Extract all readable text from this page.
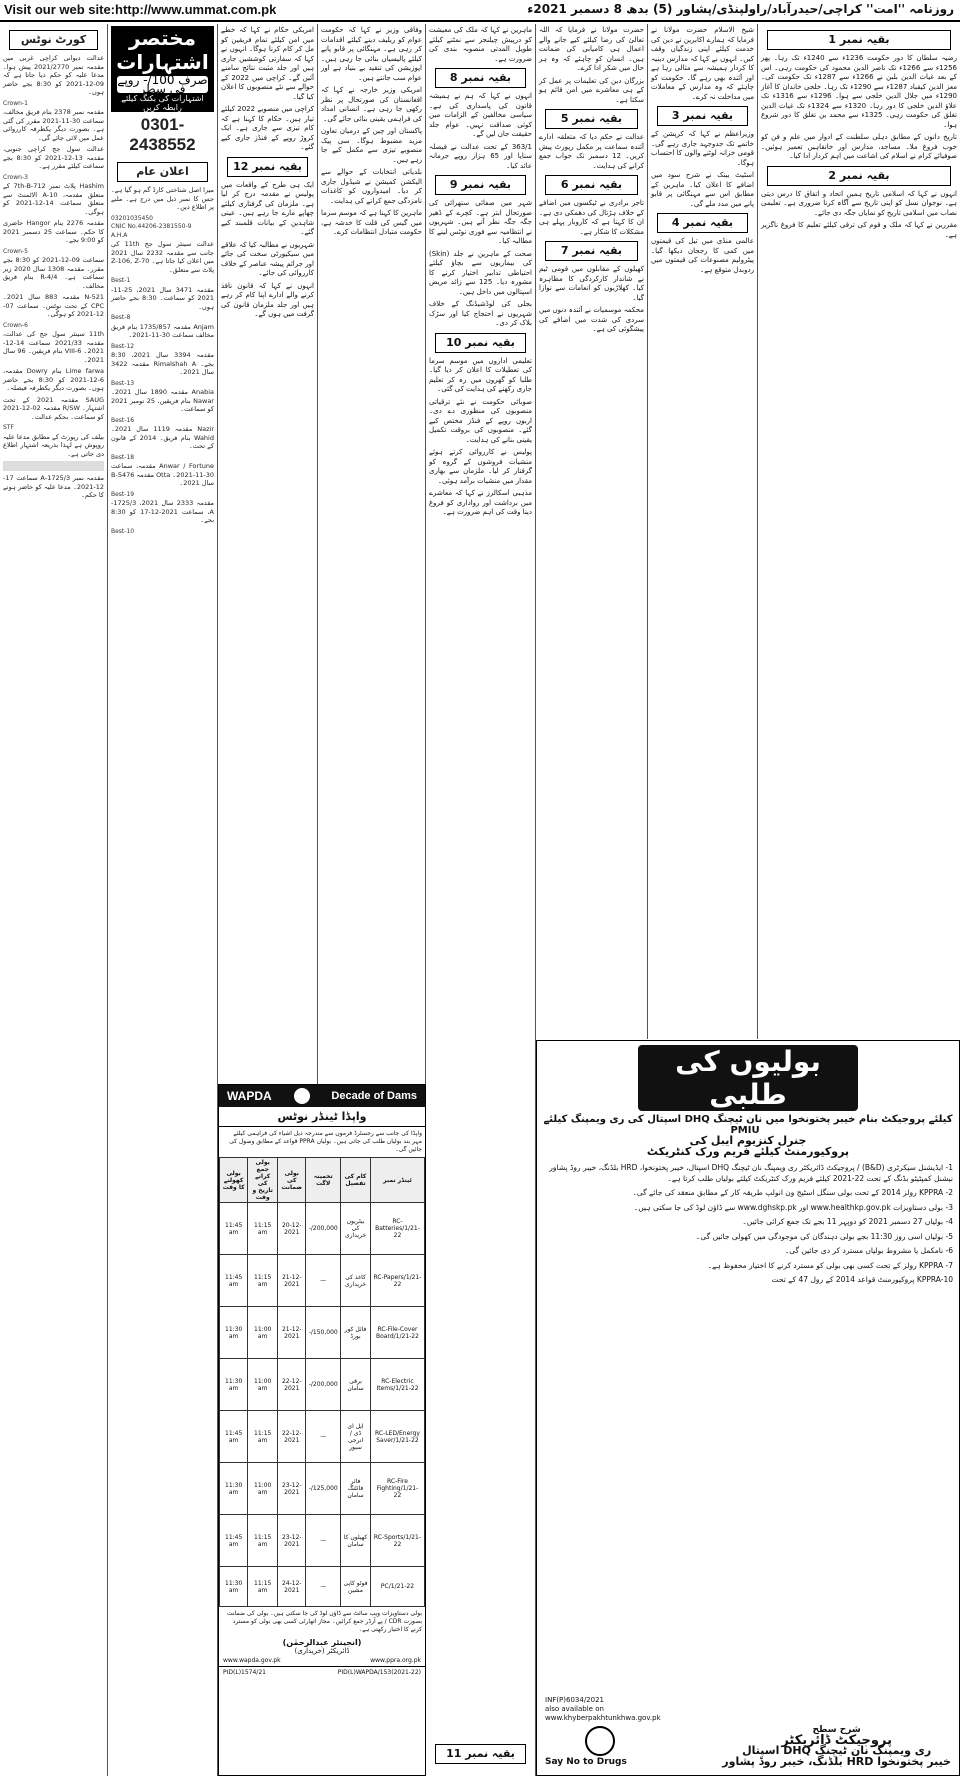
Visit our web site:http://www.ummat.com.pk	روزنامہ ''امت'' کراچی/حیدرآباد/راولپنڈی/پشاور (5) بدھ 8 دسمبر 2021ء
کورٹ نوٹس

عدالت دیوانی کراچی غربی میں مقدمہ نمبر 2021/2770 پیش ہوا۔ مدعا علیہ کو حکم دیا جاتا ہے کہ 09-12-2021 کو 8:30 بجے حاضر ہوں۔

Crown-1

مقدمہ نمبر 2378 بنام فریق مخالف، سماعت 30-11-2021 مقرر کی گئی ہے۔ بصورت دیگر یکطرفہ کارروائی عمل میں لائی جائے گی۔

عدالت سول جج کراچی جنوبی، مقدمہ 13-12-2021 کو 8:30 بجے سماعت کیلئے مقرر ہے۔

Crown-3

Hashim پلاٹ نمبر 7th-B-712 کے متعلق مقدمہ، 10-A الاٹمنٹ سے متعلق سماعت 14-12-2021 کو ہوگی۔

مقدمہ 2276 بنام Hangor حاضری کا حکم۔ سماعت 25 دسمبر 2021 کو 9:00 بجے۔

Crown-5

سماعت 09-12-2021 کو 8:30 بجے مقرر۔ مقدمہ 1308 سال 2020 زیر سماعت ہے۔ R-4/4 بنام فریق مخالف۔

N-521 مقدمہ 883 سال 2021۔ CPC کے تحت نوٹس۔ سماعت 07-12-2021 کو ہوگی۔

Crown-6

11th سینئر سول جج کی عدالت، مقدمہ 2021/33 سماعت 14-12-2021۔ VIII-6 بنام فریقین۔ 96 سال 2021۔

Lime farwa بنام Dowry مقدمہ، 6-12-2021 کو 8:30 بجے حاضر ہوں۔ بصورت دیگر یکطرفہ فیصلہ۔

SAUG مقدمہ 2021 کے تحت اشتہار۔ R/SW مقدمہ 02-12-2021 کو سماعت۔ بحکم عدالت۔

STF

بیلف کی رپورٹ کے مطابق مدعا علیہ روپوش ہے لہذا بذریعہ اشتہار اطلاع دی جاتی ہے۔

مقدمہ نمبر 1725/3-A سماعت 17-12-2021۔ مدعا علیہ کو حاضر ہونے کا حکم۔

مختصر اشتہارات
صرف 100/- روپے فی سطر
اشتہارات کی بکنگ کیلئے رابطہ کریں
0301-2438552
اعلان عام

میرا اصل شناختی کارڈ گم ہو گیا ہے۔ جس کا نمبر ذیل میں درج ہے۔ ملنے پر اطلاع دیں۔

03201035450
CNIC No.44206-2381550-9
A.H.A

عدالت سینئر سول جج 11th کی جانب سے مقدمہ 2232 سال 2021 میں اعلان کیا جاتا ہے۔ Z-106, Z-70 پلاٹ سے متعلق۔

Best-1

مقدمہ 3471 سال 2021، 25-11-2021 کو سماعت۔ 8:30 بجے حاضر ہوں۔

Best-8

Anjam مقدمہ 1735/857 بنام فریق مخالف سماعت 30-11-2021۔

Best-12

مقدمہ 3394 سال 2021، 8:30 بجے۔ Rimalshah A مقدمہ 3422 سال 2021۔

Best-13

Anabia مقدمہ 1890 سال 2021۔ Nawar بنام فریقین، 25 نومبر 2021 کو سماعت۔

Best-16

Nazir مقدمہ 1119 سال 2021۔ Wahid بنام فریق۔ 2014 کے قانون کے تحت۔

Best-18

Anwar / Fortune مقدمہ، سماعت 30-11-2021۔ Otta مقدمہ 5476-B سال 2021۔

Best-19

مقدمہ 2333 سال 2021، 1725/3-A، سماعت 2021-12-17 کو 8:30 بجے۔

Best-10

امریکی حکام نے کہا کہ خطے میں امن کیلئے تمام فریقین کو مل کر کام کرنا ہوگا۔ انہوں نے کہا کہ سفارتی کوششیں جاری ہیں اور جلد مثبت نتائج سامنے آئیں گے۔ کراچی میں 2022 کے حوالے سے نئے منصوبوں کا اعلان کیا گیا۔

کراچی میں منصوبے 2022 کیلئے تیار ہیں۔ حکام کا کہنا ہے کہ کام تیزی سے جاری ہے۔ ایک کروڑ روپے کے فنڈز جاری کیے گئے۔

بقیہ نمبر 12

ایک ہی طرح کے واقعات میں پولیس نے مقدمہ درج کر لیا ہے۔ ملزمان کی گرفتاری کیلئے چھاپے مارے جا رہے ہیں۔ عینی شاہدین کے بیانات قلمبند کیے گئے۔

شہریوں نے مطالبہ کیا کہ علاقے میں سیکیورٹی سخت کی جائے اور جرائم پیشہ عناصر کے خلاف کارروائی کی جائے۔

انہوں نے کہا کہ قانون نافذ کرنے والے ادارے اپنا کام کر رہے ہیں اور جلد ملزمان قانون کی گرفت میں ہوں گے۔

وفاقی وزیر نے کہا کہ حکومت عوام کو ریلیف دینے کیلئے اقدامات کر رہی ہے۔ مہنگائی پر قابو پانے کیلئے پالیسیاں بنائی جا رہی ہیں۔ اپوزیشن کی تنقید بے بنیاد ہے اور عوام سب جانتے ہیں۔

امریکی وزیر خارجہ نے کہا کہ افغانستان کی صورتحال پر نظر رکھی جا رہی ہے۔ انسانی امداد کی فراہمی یقینی بنائی جائے گی۔

پاکستان اور چین کے درمیان تعاون مزید مضبوط ہوگا۔ سی پیک منصوبے تیزی سے مکمل کیے جا رہے ہیں۔

بلدیاتی انتخابات کے حوالے سے الیکشن کمیشن نے شیڈول جاری کر دیا۔ امیدواروں کو کاغذات نامزدگی جمع کرانے کی ہدایت۔

ماہرین کا کہنا ہے کہ موسم سرما میں گیس کی قلت کا خدشہ ہے، حکومت متبادل انتظامات کرے۔

WAPDA	Decade of Dams
واپڈا ٹینڈر نوٹس

واپڈا کی جانب سے رجسٹرڈ فرموں سے مندرجہ ذیل اشیاء کی فراہمی کیلئے مہر بند بولیاں طلب کی جاتی ہیں۔ بولیاں PPRA قواعد کے مطابق وصول کی جائیں گی۔

ٹینڈر نمبر	کام کی تفصیل	تخمینہ لاگت	بولی کی ضمانت	بولی جمع کرانے کی تاریخ و وقت	بولی کھولنے کا وقت
RC-Batteries/1/21-22	بیٹریوں کی خریداری	200,000/-	20-12-2021	11:15 am	11:45 am
RC-Papers/1/21-22	کاغذ کی خریداری	—	21-12-2021	11:15 am	11:45 am
RC-File-Cover Board/1/21-22	فائل کور بورڈ	150,000/-	21-12-2021	11:00 am	11:30 am
RC-Electric Items/1/21-22	برقی سامان	200,000/-	22-12-2021	11:00 am	11:30 am
RC-LED/Energy Saver/1/21-22	ایل ای ڈی / انرجی سیور	—	22-12-2021	11:15 am	11:45 am
RC-Fire Fighting/1/21-22	فائر فائٹنگ سامان	125,000/-	23-12-2021	11:00 am	11:30 am
RC-Sports/1/21-22	کھیلوں کا سامان	—	23-12-2021	11:15 am	11:45 am
PC/1/21-22	فوٹو کاپی مشین	—	24-12-2021	11:15 am	11:30 am

بولی دستاویزات ویب سائٹ سے ڈاؤن لوڈ کی جا سکتی ہیں۔ بولی کی ضمانت بصورت CDR / پے آرڈر جمع کرائیں۔ مجاز اتھارٹی کسی بھی بولی کو مسترد کرنے کا اختیار رکھتی ہے۔

(انجینئر عبدالرحمٰن)
ڈائریکٹر (خریداری)
www.wapda.gov.pk	www.ppra.org.pk
PID(L)1574/21	PID(L)WAPDA/153(2021-22)

ماہرین نے کہا کہ ملک کی معیشت کو درپیش چیلنجز سے نمٹنے کیلئے طویل المدتی منصوبہ بندی کی ضرورت ہے۔

بقیہ نمبر 8

انہوں نے کہا کہ ہم نے ہمیشہ قانون کی پاسداری کی ہے۔ سیاسی مخالفین کے الزامات میں کوئی صداقت نہیں۔ عوام جلد حقیقت جان لیں گے۔

363/1 کے تحت عدالت نے فیصلہ سنایا اور 65 ہزار روپے جرمانہ عائد کیا۔

بقیہ نمبر 9

شہر میں صفائی ستھرائی کی صورتحال ابتر ہے۔ کچرے کے ڈھیر جگہ جگہ نظر آتے ہیں۔ شہریوں نے انتظامیہ سے فوری نوٹس لینے کا مطالبہ کیا۔

صحت کے ماہرین نے جلد (Skin) کی بیماریوں سے بچاؤ کیلئے احتیاطی تدابیر اختیار کرنے کا مشورہ دیا۔ 125 سے زائد مریض اسپتالوں میں داخل ہیں۔

بجلی کی لوڈشیڈنگ کے خلاف شہریوں نے احتجاج کیا اور سڑک بلاک کر دی۔

بقیہ نمبر 10

تعلیمی اداروں میں موسم سرما کی تعطیلات کا اعلان کر دیا گیا۔ طلبا کو گھروں میں رہ کر تعلیم جاری رکھنے کی ہدایت کی گئی۔

صوبائی حکومت نے نئے ترقیاتی منصوبوں کی منظوری دے دی۔ اربوں روپے کے فنڈز مختص کیے گئے۔ منصوبوں کی بروقت تکمیل یقینی بنانے کی ہدایت۔

پولیس نے کارروائی کرتے ہوئے منشیات فروشوں کے گروہ کو گرفتار کر لیا۔ ملزمان سے بھاری مقدار میں منشیات برآمد ہوئی۔

مذہبی اسکالرز نے کہا کہ معاشرے میں برداشت اور رواداری کو فروغ دینا وقت کی اہم ضرورت ہے۔

بقیہ نمبر 11

حضرت مولانا نے فرمایا کہ اللہ تعالیٰ کی رضا کیلئے کیے جانے والے اعمال ہی کامیابی کی ضمانت ہیں۔ انسان کو چاہئے کہ وہ ہر حال میں شکر ادا کرے۔

بزرگان دین کی تعلیمات پر عمل کر کے ہی معاشرے میں امن قائم ہو سکتا ہے۔

بقیہ نمبر 5

عدالت نے حکم دیا کہ متعلقہ ادارے آئندہ سماعت پر مکمل رپورٹ پیش کریں۔ 12 دسمبر تک جواب جمع کرانے کی ہدایت۔

بقیہ نمبر 6

تاجر برادری نے ٹیکسوں میں اضافے کے خلاف ہڑتال کی دھمکی دی ہے۔ ان کا کہنا ہے کہ کاروبار پہلے ہی مشکلات کا شکار ہے۔

بقیہ نمبر 7

کھیلوں کے مقابلوں میں قومی ٹیم نے شاندار کارکردگی کا مظاہرہ کیا۔ کھلاڑیوں کو انعامات سے نوازا گیا۔

محکمہ موسمیات نے آئندہ دنوں میں سردی کی شدت میں اضافے کی پیشگوئی کی ہے۔

شیخ الاسلام حضرت مولانا نے فرمایا کہ ہمارے اکابرین نے دین کی خدمت کیلئے اپنی زندگیاں وقف کیں۔ انہوں نے کہا کہ مدارس دینیہ کا کردار ہمیشہ سے مثالی رہا ہے اور آئندہ بھی رہے گا۔ حکومت کو چاہئے کہ وہ مدارس کے معاملات میں مداخلت نہ کرے۔

بقیہ نمبر 3

وزیراعظم نے کہا کہ کرپشن کے خاتمے تک جدوجہد جاری رہے گی۔ قومی خزانہ لوٹنے والوں کا احتساب ہوگا۔

اسٹیٹ بینک نے شرح سود میں اضافے کا اعلان کیا۔ ماہرین کے مطابق اس سے مہنگائی پر قابو پانے میں مدد ملے گی۔

بقیہ نمبر 4

عالمی منڈی میں تیل کی قیمتوں میں کمی کا رجحان دیکھا گیا۔ پیٹرولیم مصنوعات کی قیمتوں میں ردوبدل متوقع ہے۔

بقیہ نمبر 1

رضیہ سلطان کا دور حکومت 1236ء سے 1240ء تک رہا۔ پھر 1256ء سے 1266ء تک ناصر الدین محمود کی حکومت رہی۔ اس کے بعد غیاث الدین بلبن نے 1266ء سے 1287ء تک حکومت کی۔ معز الدین کیقباد 1287ء سے 1290ء تک رہا۔ خلجی خاندان کا آغاز 1290ء میں جلال الدین خلجی سے ہوا۔ 1296ء سے 1316ء تک علاؤ الدین خلجی کا دور رہا۔ 1320ء سے 1324ء تک غیاث الدین تغلق کی حکومت رہی۔ 1325ء سے محمد بن تغلق کا دور شروع ہوا۔

تاریخ دانوں کے مطابق دہلی سلطنت کے ادوار میں علم و فن کو خوب فروغ ملا۔ مساجد، مدارس اور خانقاہیں تعمیر ہوئیں۔ صوفیائے کرام نے اسلام کی اشاعت میں اہم کردار ادا کیا۔

بقیہ نمبر 2

انہوں نے کہا کہ اسلامی تاریخ ہمیں اتحاد و اتفاق کا درس دیتی ہے۔ نوجوان نسل کو اپنی تاریخ سے آگاہ کرنا ضروری ہے۔ تعلیمی نصاب میں اسلامی تاریخ کو نمایاں جگہ دی جائے۔

مقررین نے کہا کہ ملک و قوم کی ترقی کیلئے تعلیم کا فروغ ناگزیر ہے۔

بولیوں کی طلبی
کیلئے پروجیکٹ بنام خیبر پختونخوا میں نان ٹیچنگ DHQ اسپتال کی ری ویمپنگ کیلئے PMIU
جنرل کنزیوم ایبل کی
پروکیورمنٹ کیلئے فریم ورک کنٹریکٹ

1- ایڈیشنل سیکرٹری (B&D) / پروجیکٹ ڈائریکٹر ری ویمپنگ نان ٹیچنگ DHQ اسپتال، خیبر پختونخوا، HRD بلڈنگ، خیبر روڈ پشاور نیشنل کمپٹیٹو بڈنگ کے تحت 22-2021 کیلئے فریم ورک کنٹریکٹ کیلئے بولیاں طلب کرتا ہے۔

2- KPPRA رولز 2014 کے تحت بولی سنگل اسٹیج ون انولپ طریقہ کار کے مطابق منعقد کی جائے گی۔

3- بولی دستاویزات www.healthkp.gov.pk اور www.dghskp.pk سے ڈاؤن لوڈ کی جا سکتی ہیں۔

4- بولیاں 27 دسمبر 2021 کو دوپہر 11 بجے تک جمع کرائی جائیں۔

5- بولیاں اسی روز 11:30 بجے بولی دہندگان کی موجودگی میں کھولی جائیں گی۔

6- نامکمل یا مشروط بولیاں مسترد کر دی جائیں گی۔

7- KPPRA رولز کے تحت کسی بھی بولی کو مسترد کرنے کا اختیار محفوظ ہے۔

KPPRA-10 پروکیورمنٹ قواعد 2014 کے رول 47 کے تحت

شرح سطح
پروجیکٹ ڈائریکٹر
ری ویمپنگ نان ٹیچنگ DHQ اسپتال
خیبر پختونخوا HRD بلڈنگ، خیبر روڈ پشاور
INF(P)6034/2021
also available on
www.khyberpakhtunkhwa.gov.pk
Say No to Drugs
